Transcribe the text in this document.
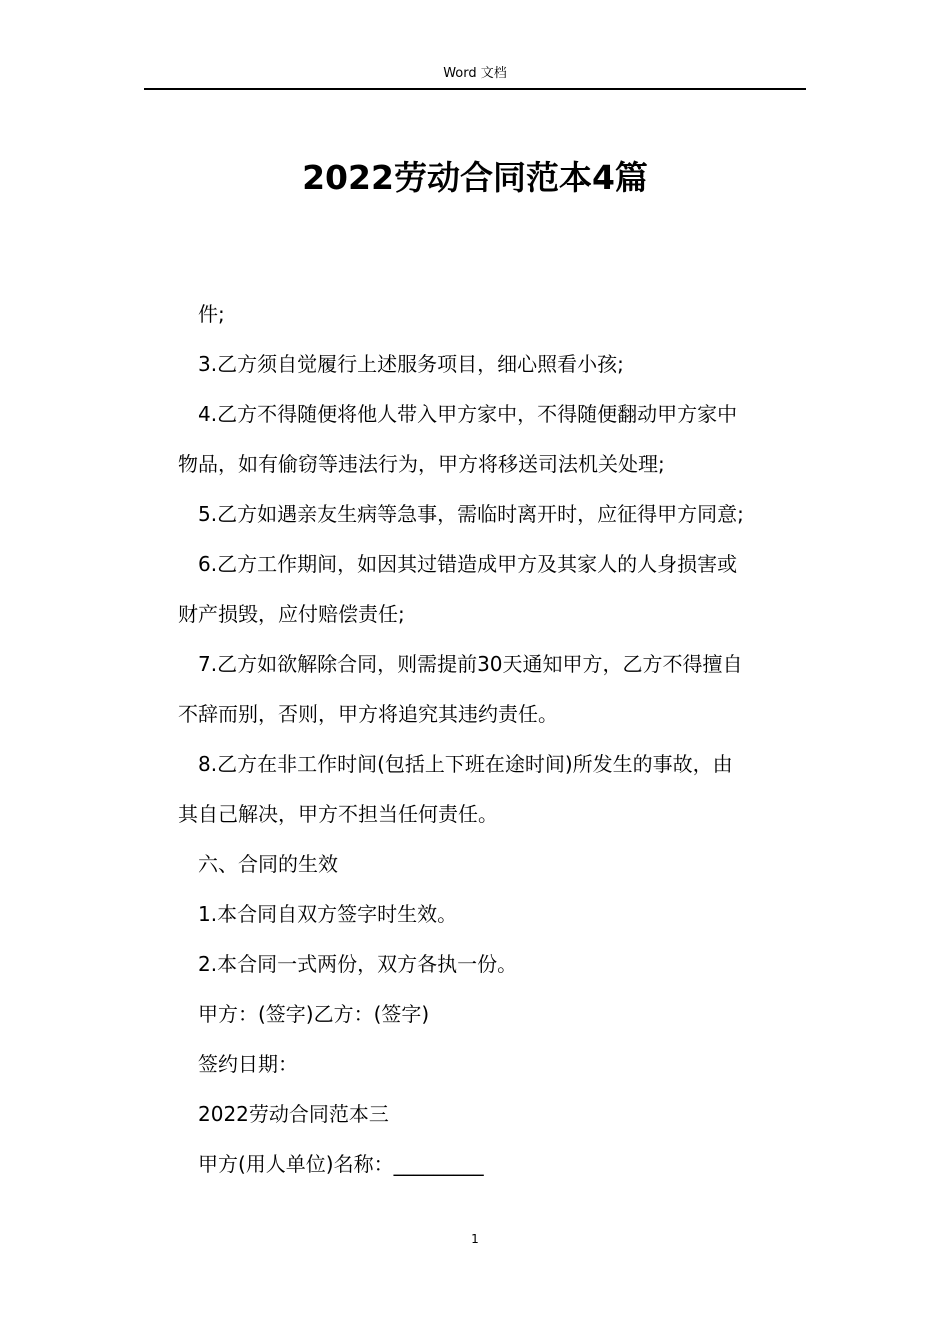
Word 文档
2022劳动合同范本4篇

件;

3.乙方须自觉履行上述服务项目，细心照看小孩;

4.乙方不得随便将他人带入甲方家中，不得随便翻动甲方家中

物品，如有偷窃等违法行为，甲方将移送司法机关处理;

5.乙方如遇亲友生病等急事，需临时离开时，应征得甲方同意;

6.乙方工作期间，如因其过错造成甲方及其家人的人身损害或

财产损毁，应付赔偿责任;

7.乙方如欲解除合同，则需提前30天通知甲方，乙方不得擅自

不辞而别，否则，甲方将追究其违约责任。

8.乙方在非工作时间(包括上下班在途时间)所发生的事故，由

其自己解决，甲方不担当任何责任。

六、合同的生效

1.本合同自双方签字时生效。

2.本合同一式两份，双方各执一份。

甲方：(签字)乙方：(签字)

签约日期：

2022劳动合同范本三

甲方(用人单位)名称：_________

1
